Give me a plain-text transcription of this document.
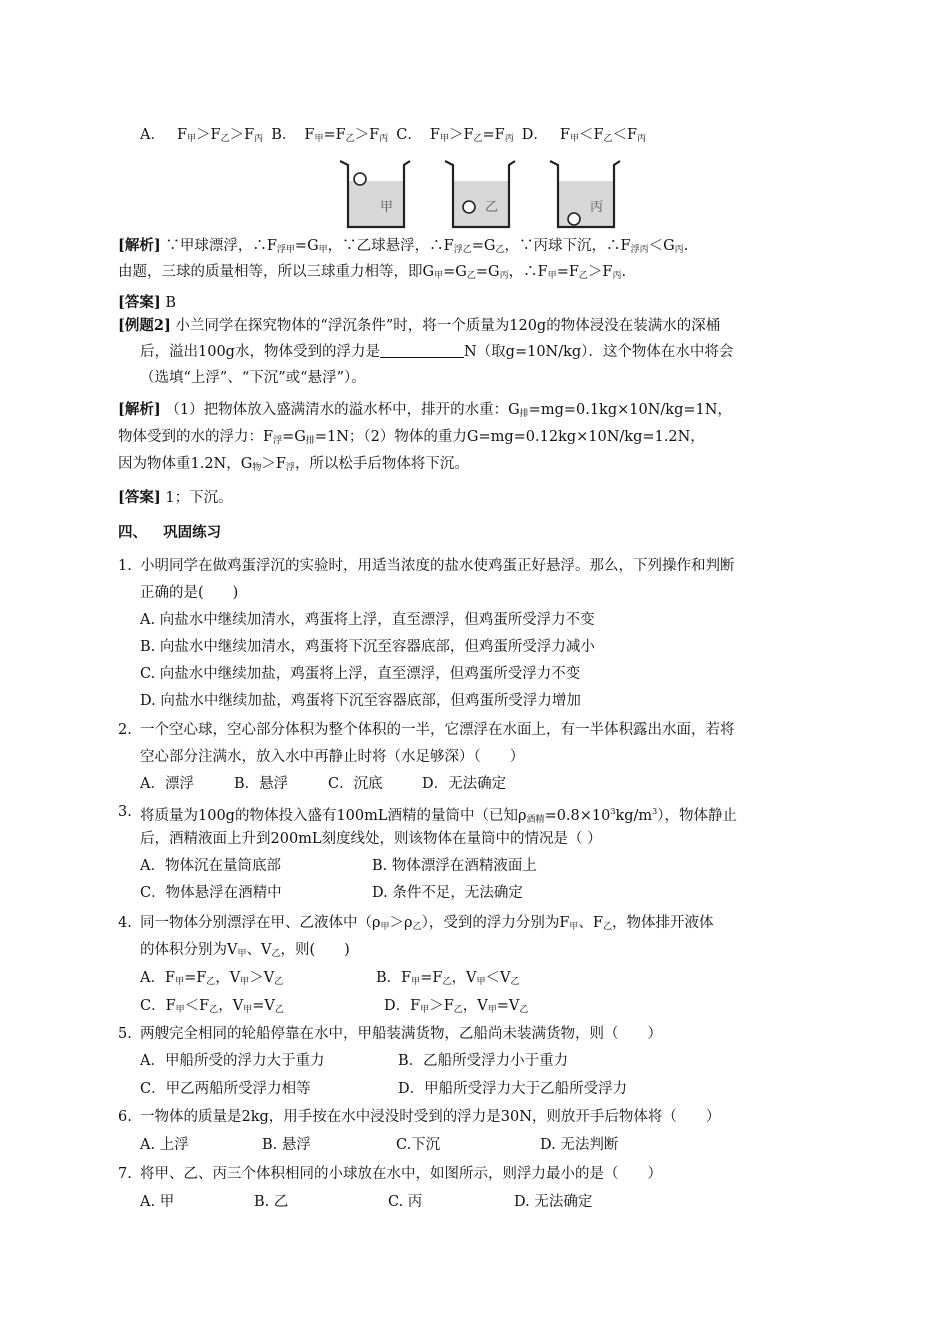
A． $F_甲>F_乙>F_丙$ B． $F_甲=F_乙>F_丙$ C． $F_甲>F_乙=F_丙$ D． $F_甲<F_乙<F_丙$
甲	乙	丙
[解析] ∵甲球漂浮，$\therefore F_{浮甲}=G_甲$，∵乙球悬浮，$\therefore F_{浮乙}=G_乙$，∵丙球下沉，$\therefore F_{浮丙}<G_丙$.
由题，三球的质量相等，所以三球重力相等，即$G_甲=G_乙=G_丙$，$\therefore F_甲=F_乙>F_丙$.
[答案] B
[例题2] 小兰同学在探究物体的“浮沉条件”时，将一个质量为120g的物体浸没在装满水的深桶
后，溢出100g水，物体受到的浮力是	N（取g=10N/kg）．这个物体在水中将会
（选填“上浮”、“下沉”或“悬浮”）。
[解析] （1）把物体放入盛满清水的溢水杯中，排开的水重：$G_排=mg=0.1kg\times 10N/kg=1N$，
物体受到的水的浮力：$F_浮=G_排=1N$；（2）物体的重力G=mg=0.12kg×10N/kg=1.2N，
因为物体重1.2N，$G_物>F_浮$，所以松手后物体将下沉。
[答案] 1；下沉。
四、 巩固练习
1. 小明同学在做鸡蛋浮沉的实验时，用适当浓度的盐水使鸡蛋正好悬浮。那么，下列操作和判断
正确的是(　　)
A. 向盐水中继续加清水，鸡蛋将上浮，直至漂浮，但鸡蛋所受浮力不变
B. 向盐水中继续加清水，鸡蛋将下沉至容器底部，但鸡蛋所受浮力减小
C. 向盐水中继续加盐，鸡蛋将上浮，直至漂浮，但鸡蛋所受浮力不变
D. 向盐水中继续加盐，鸡蛋将下沉至容器底部，但鸡蛋所受浮力增加
2. 一个空心球，空心部分体积为整个体积的一半，它漂浮在水面上，有一半体积露出水面，若将
空心部分注满水，放入水中再静止时将（水足够深）（　　）
A．漂浮	B．悬浮	C．沉底	D．无法确定
3. 将质量为100g的物体投入盛有100mL酒精的量筒中（已知$\rho_{酒精}=0.8\times 10^3kg/m^3$），物体静止
后，酒精液面上升到200mL刻度线处，则该物体在量筒中的情况是（ ）
A．物体沉在量筒底部	B. 物体漂浮在酒精液面上
C．物体悬浮在酒精中	D. 条件不足，无法确定
4. 同一物体分别漂浮在甲、乙液体中$(\rho_甲>\rho_乙)$，受到的浮力分别为$F_甲$、$F_乙$，物体排开液体
的体积分别为$V_甲$、$V_乙$，则(　　)
A．$F_甲=F_乙$，$V_甲>V_乙$	B．$F_甲=F_乙$，$V_甲<V_乙$
C．$F_甲<F_乙$，$V_甲=V_乙$	D．$F_甲>F_乙$，$V_甲=V_乙$
5. 两艘完全相同的轮船停靠在水中，甲船装满货物，乙船尚未装满货物，则（　　）
A．甲船所受的浮力大于重力	B．乙船所受浮力小于重力
C．甲乙两船所受浮力相等	D．甲船所受浮力大于乙船所受浮力
6. 一物体的质量是2kg，用手按在水中浸没时受到的浮力是30N，则放开手后物体将（　　）
A. 上浮	B. 悬浮	C.下沉	D. 无法判断
7. 将甲、乙、丙三个体积相同的小球放在水中，如图所示，则浮力最小的是（　　）
A. 甲	B. 乙	C. 丙	D. 无法确定
